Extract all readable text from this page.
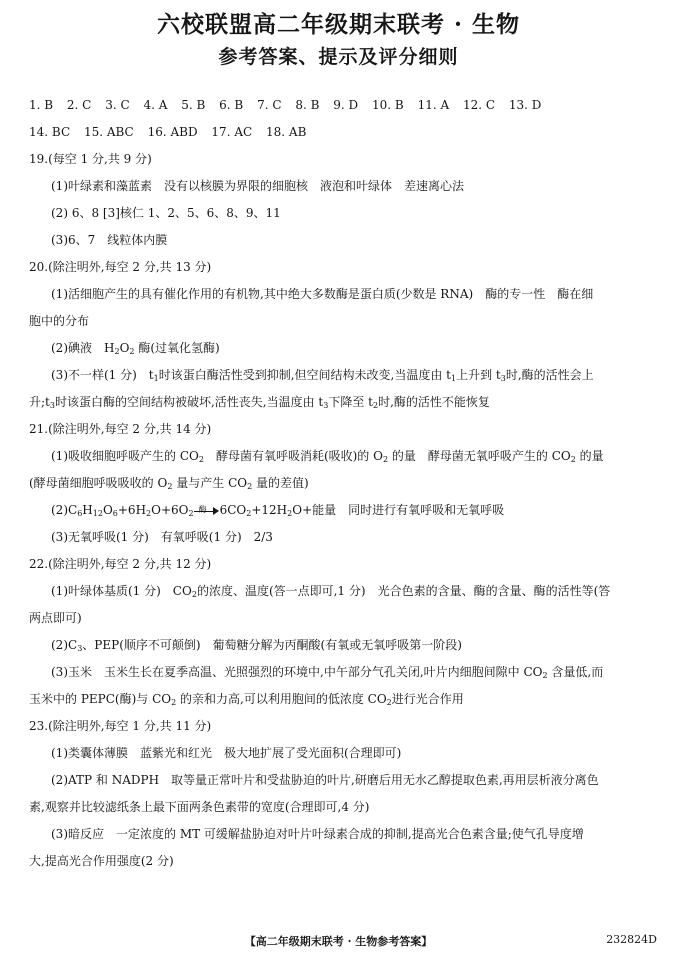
六校联盟高二年级期末联考 · 生物
参考答案、提示及评分细则
1. B 2. C 3. C 4. A 5. B 6. B 7. C 8. B 9. D 10. B 11. A 12. C 13. D
14. BC 15. ABC 16. ABD 17. AC 18. AB
19.(每空 1 分,共 9 分)
(1)叶绿素和藻蓝素　没有以核膜为界限的细胞核　液泡和叶绿体　差速离心法
(2) 6、8 [3]核仁 1、2、5、6、8、9、11
(3)6、7　线粒体内膜
20.(除注明外,每空 2 分,共 13 分)
(1)活细胞产生的具有催化作用的有机物,其中绝大多数酶是蛋白质(少数是 RNA)　酶的专一性　酶在细
胞中的分布
(2)碘液　$H_2O_2$ 酶(过氧化氢酶)
(3)不一样(1 分)　$t_1$时该蛋白酶活性受到抑制,但空间结构未改变,当温度由 $t_1$上升到 $t_3$时,酶的活性会上
升$;t_3$时该蛋白酶的空间结构被破坏,活性丧失,当温度由 $t_3$下降至 $t_2$时,酶的活性不能恢复
21.(除注明外,每空 2 分,共 14 分)
(1)吸收细胞呼吸产生的 $CO_2$　酵母菌有氧呼吸消耗(吸收)的 $O_2$ 的量　酵母菌无氧呼吸产生的 $CO_2$ 的量
(酵母菌细胞呼吸吸收的 $O_2$ 量与产生 $CO_2$ 量的差值)
$(2)C_6H_{12}O_6+6H_2O+6O_2$ 酶 $6CO_2+12H_2O+$能量　同时进行有氧呼吸和无氧呼吸
(3)无氧呼吸(1 分)　有氧呼吸(1 分)　2/3
22.(除注明外,每空 2 分,共 12 分)
(1)叶绿体基质(1 分)　$CO_2$的浓度、温度(答一点即可,1 分)　光合色素的含量、酶的含量、酶的活性等(答
两点即可)
$(2)C_3$、PEP(顺序不可颠倒)　葡萄糖分解为丙酮酸(有氧或无氧呼吸第一阶段)
(3)玉米　玉米生长在夏季高温、光照强烈的环境中,中午部分气孔关闭,叶片内细胞间隙中 $CO_2$ 含量低,而
玉米中的 PEPC(酶)与 $CO_2$ 的亲和力高,可以利用胞间的低浓度 $CO_2$进行光合作用
23.(除注明外,每空 1 分,共 11 分)
(1)类囊体薄膜　蓝紫光和红光　极大地扩展了受光面积(合理即可)
(2)ATP 和 NADPH　取等量正常叶片和受盐胁迫的叶片,研磨后用无水乙醇提取色素,再用层析液分离色
素,观察并比较滤纸条上最下面两条色素带的宽度(合理即可,4 分)
(3)暗反应　一定浓度的 MT 可缓解盐胁迫对叶片叶绿素合成的抑制,提高光合色素含量;使气孔导度增
大,提高光合作用强度(2 分)
【高二年级期末联考 · 生物参考答案】	232824D
